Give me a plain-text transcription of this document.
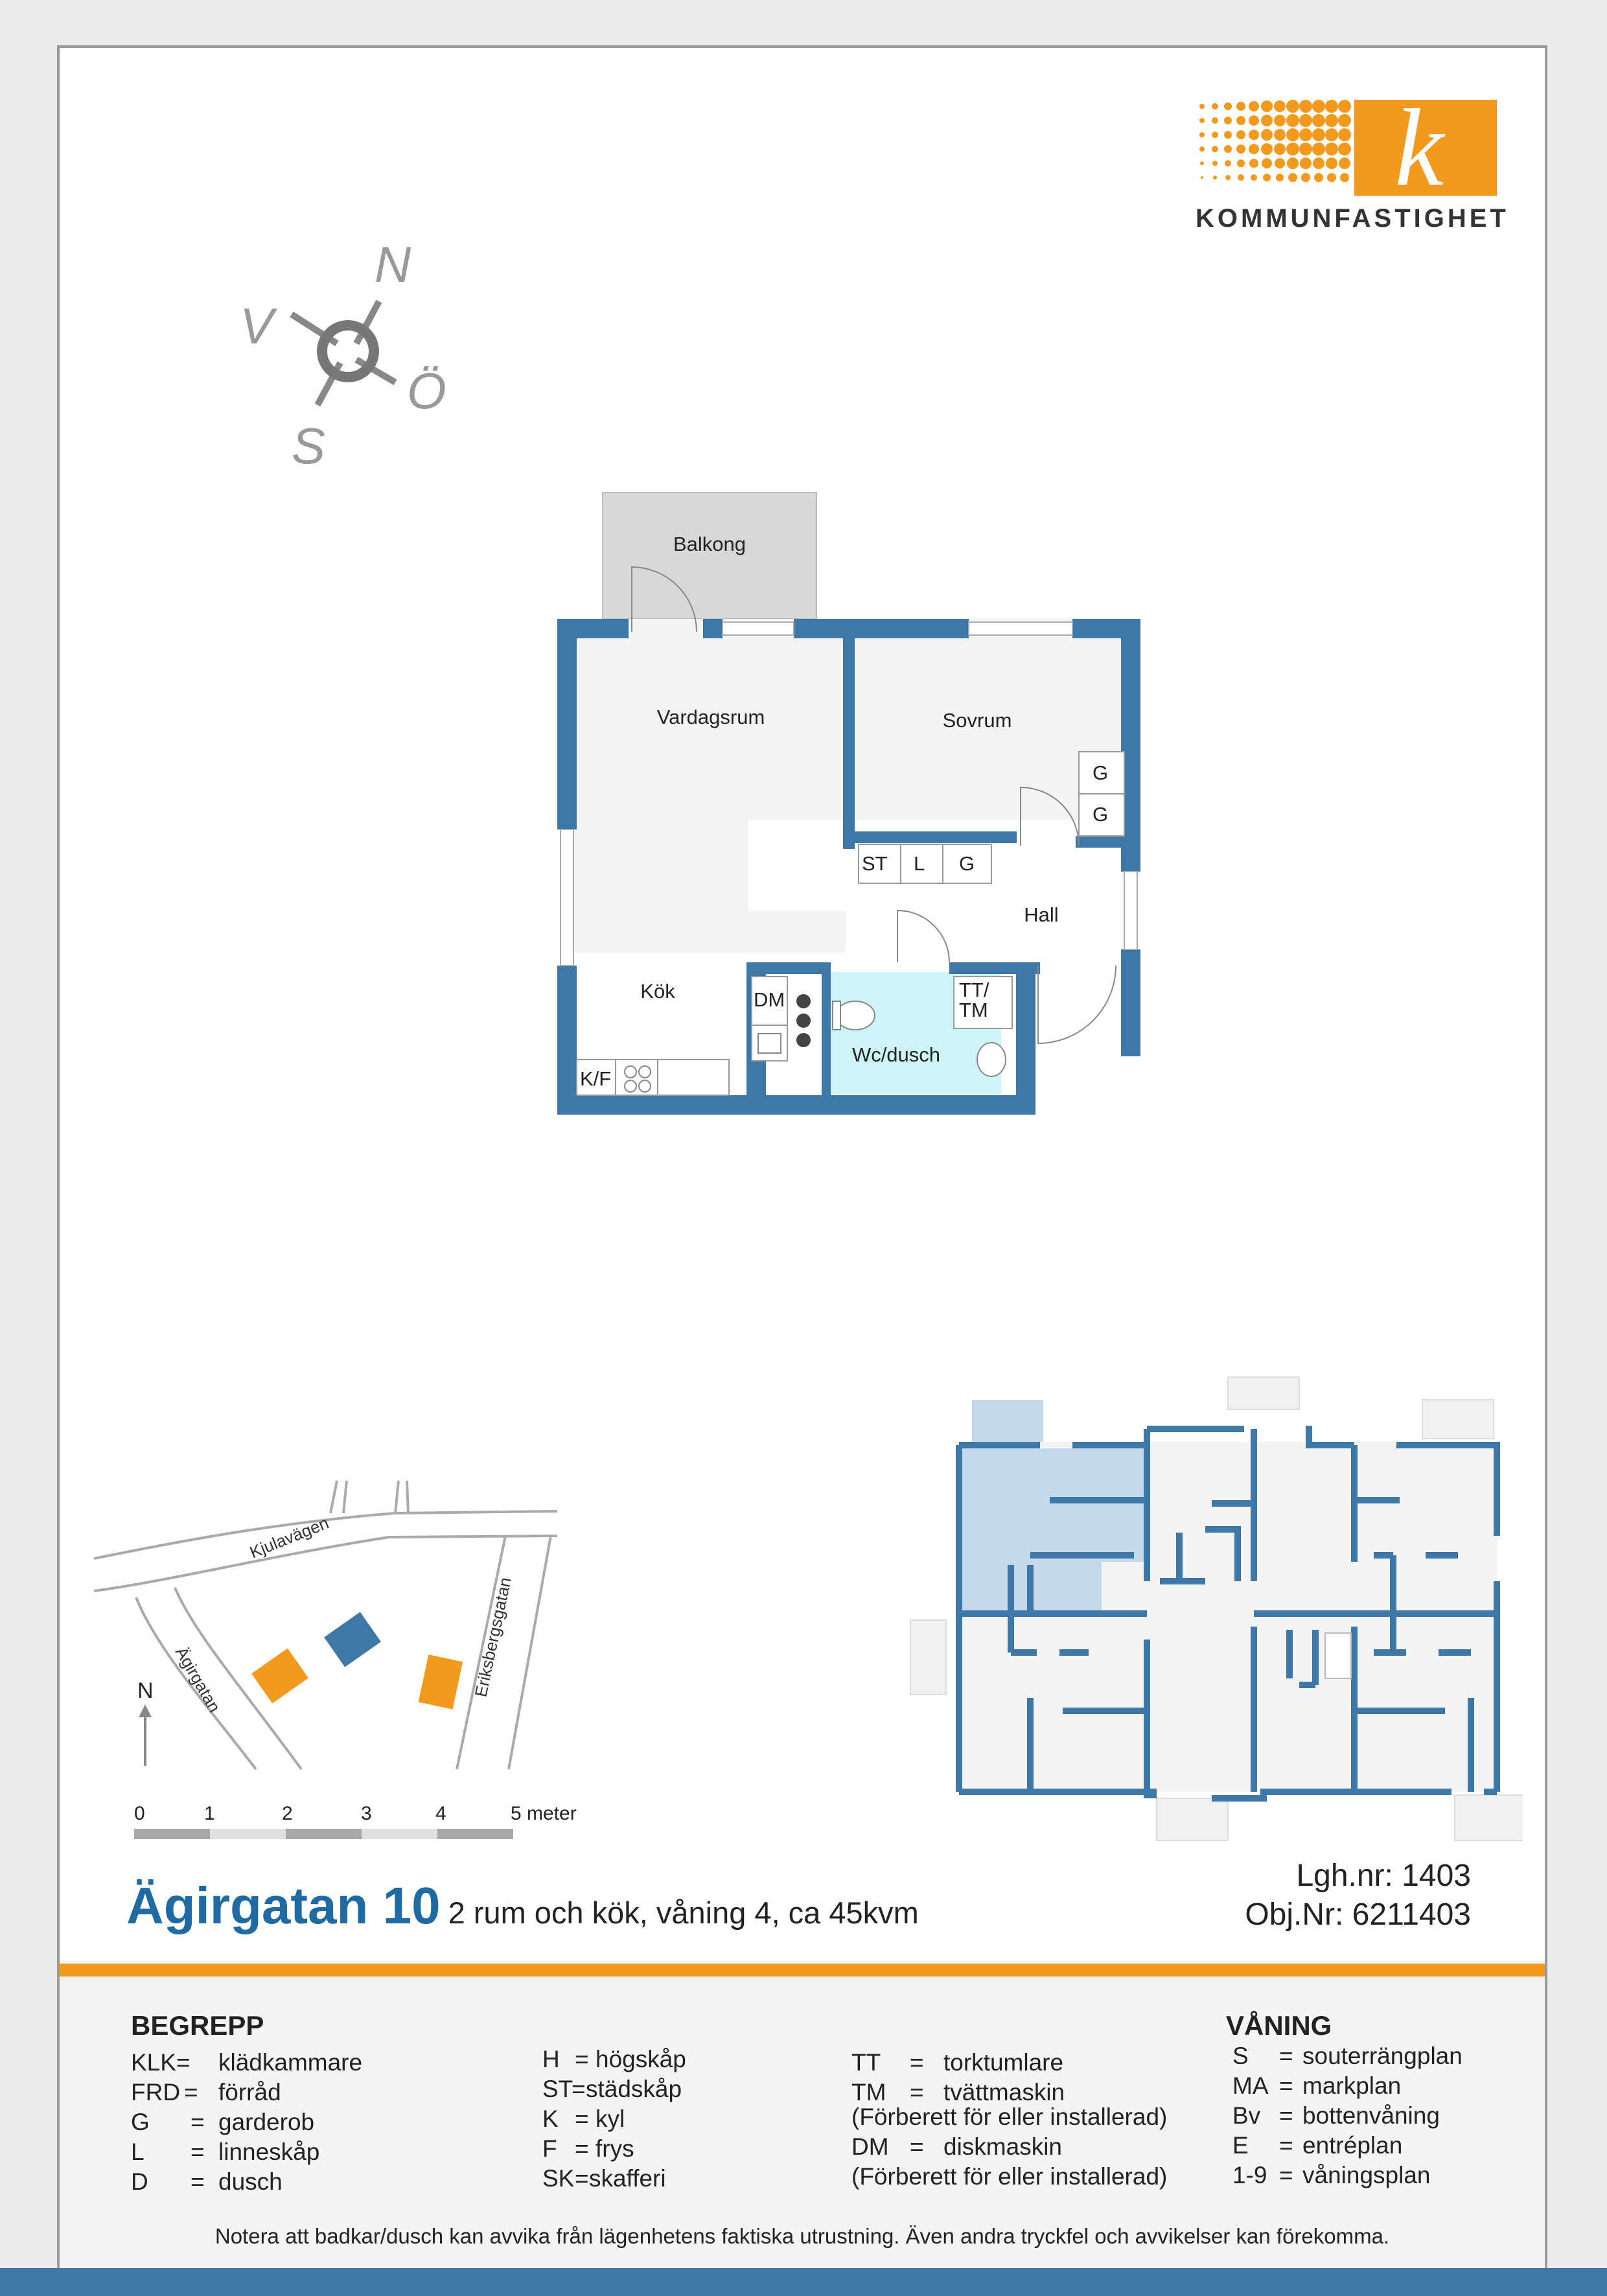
k
KOMMUNFASTIGHET
N
V
Ö
S
Balkong
Vardagsrum	Sovrum
Hall
Kök
Wc/dusch
G
G
ST L G
DM	TT/
TM
K/F
Kjulavägen
Ägirgatan	Eriksbergsgatan
N
0	1	2	3	4	5 meter
Ägirgatan 10 2 rum och kök, våning 4, ca 45kvm
Lgh.nr: 1403
Obj.Nr: 6211403
BEGREPP	VÅNING
KLK= klädkammare
FRD = förråd
G = garderob
L = linneskåp
D = dusch
H = högskåp
ST=städskåp
K = kyl
F = frys
SK=skafferi
TT = torktumlare
TM = tvättmaskin
(Förberett för eller installerad)
DM = diskmaskin
(Förberett för eller installerad)
S = souterrängplan
MA = markplan
Bv = bottenvåning
E = entréplan
1-9 = våningsplan
Notera att badkar/dusch kan avvika från lägenhetens faktiska utrustning. Även andra tryckfel och avvikelser kan förekomma.
